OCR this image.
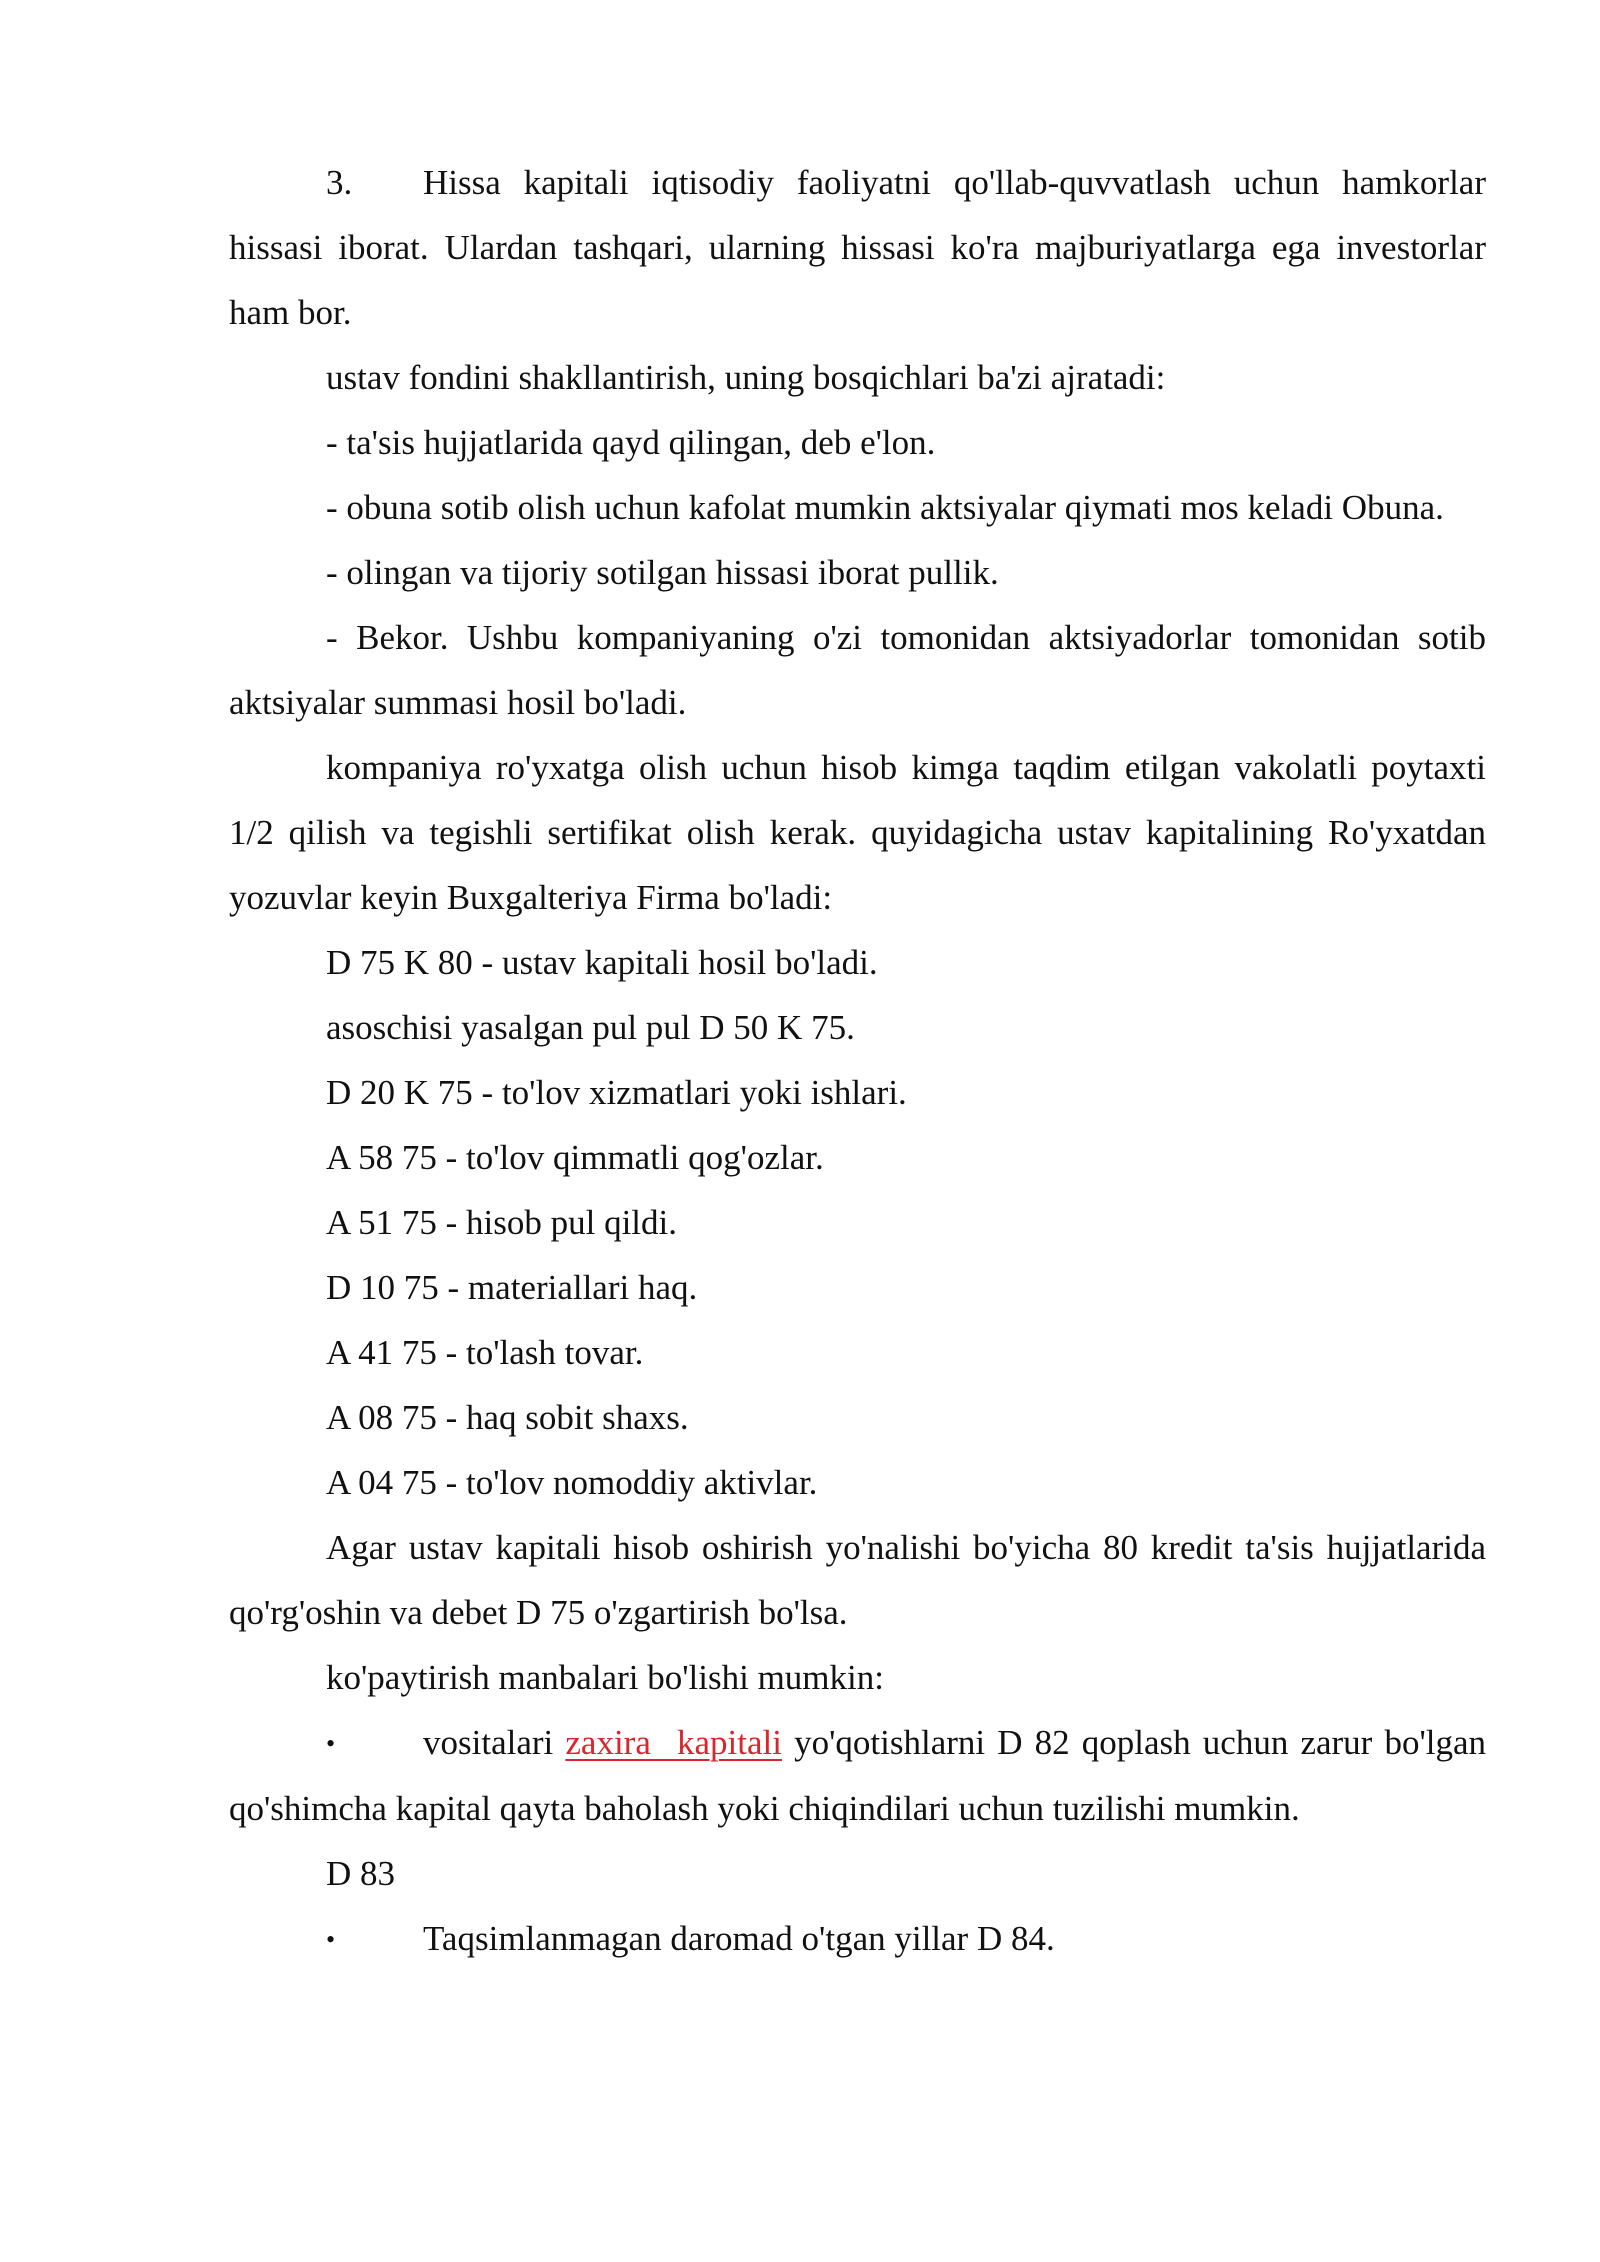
3. Hissa kapitali iqtisodiy faoliyatni qo'llab-quvvatlash uchun hamkorlar hissasi iborat. Ulardan tashqari, ularning hissasi ko'ra majburiyatlarga ega investorlar ham bor.

ustav fondini shakllantirish, uning bosqichlari ba'zi ajratadi:

- ta'sis hujjatlarida qayd qilingan, deb e'lon.

- obuna sotib olish uchun kafolat mumkin aktsiyalar qiymati mos keladi Obuna.

- olingan va tijoriy sotilgan hissasi iborat pullik.

- Bekor. Ushbu kompaniyaning o'zi tomonidan aktsiyadorlar tomonidan sotib aktsiyalar summasi hosil bo'ladi.

kompaniya ro'yxatga olish uchun hisob kimga taqdim etilgan vakolatli poytaxti 1/2 qilish va tegishli sertifikat olish kerak. quyidagicha ustav kapitalining Ro'yxatdan yozuvlar keyin Buxgalteriya Firma bo'ladi:

D 75 K 80 - ustav kapitali hosil bo'ladi.

asoschisi yasalgan pul pul D 50 K 75.

D 20 K 75 - to'lov xizmatlari yoki ishlari.

A 58 75 - to'lov qimmatli qog'ozlar.

A 51 75 - hisob pul qildi.

D 10 75 - materiallari haq.

A 41 75 - to'lash tovar.

A 08 75 - haq sobit shaxs.

A 04 75 - to'lov nomoddiy aktivlar.

Agar ustav kapitali hisob oshirish yo'nalishi bo'yicha 80 kredit ta'sis hujjatlarida qo'rg'oshin va debet D 75 o'zgartirish bo'lsa.

ko'paytirish manbalari bo'lishi mumkin:

•	vositalari zaxira kapitali yo'qotishlarni D 82 qoplash uchun zarur bo'lgan qo'shimcha kapital qayta baholash yoki chiqindilari uchun tuzilishi mumkin.

D 83

•	Taqsimlanmagan daromad o'tgan yillar D 84.
